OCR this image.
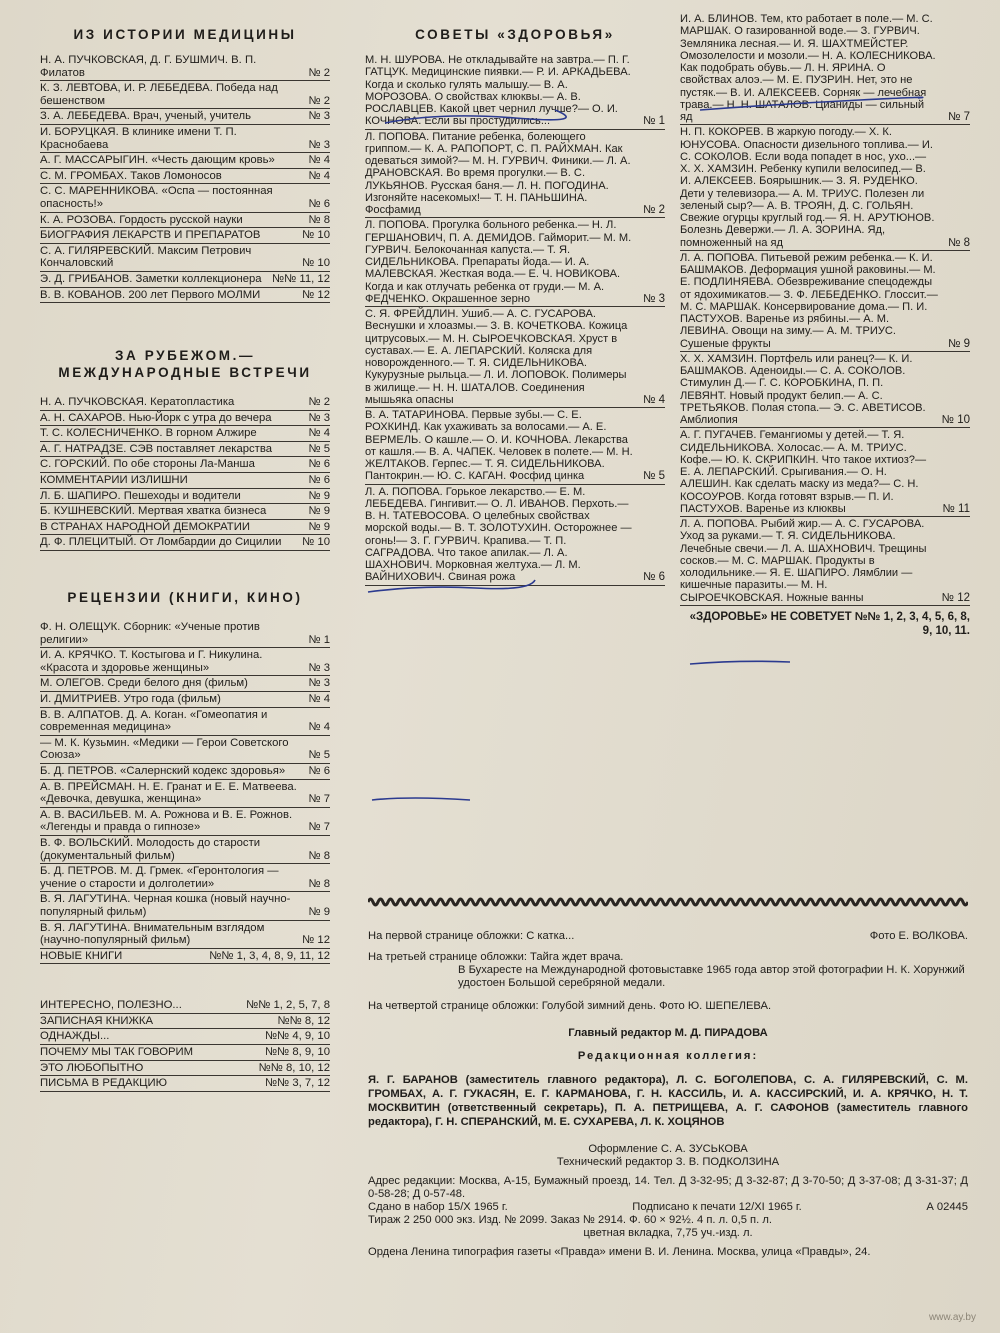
ИЗ ИСТОРИИ МЕДИЦИНЫ
Н. А. ПУЧКОВСКАЯ, Д. Г. БУШМИЧ. В. П. Филатов	№ 2
К. З. ЛЕВТОВА, И. Р. ЛЕБЕДЕВА. Победа над бешенством	№ 2
З. А. ЛЕБЕДЕВА. Врач, ученый, учитель	№ 3
И. БОРУЦКАЯ. В клинике имени Т. П. Краснобаева	№ 3
А. Г. МАССАРЫГИН. «Честь дающим кровь»	№ 4
С. М. ГРОМБАХ. Таков Ломоносов	№ 4
С. С. МАРЕННИКОВА. «Оспа — постоянная опасность!»	№ 6
К. А. РОЗОВА. Гордость русской науки	№ 8
БИОГРАФИЯ ЛЕКАРСТВ И ПРЕПАРАТОВ	№ 10
С. А. ГИЛЯРЕВСКИЙ. Максим Петрович Кончаловский	№ 10
Э. Д. ГРИБАНОВ. Заметки коллекционера №№ 11, 12
В. В. КОВАНОВ. 200 лет Первого МОЛМИ	№ 12
ЗА РУБЕЖОМ.—
МЕЖДУНАРОДНЫЕ ВСТРЕЧИ
Н. А. ПУЧКОВСКАЯ. Кератопластика	№ 2
А. Н. САХАРОВ. Нью-Йорк с утра до вечера	№ 3
Т. С. КОЛЕСНИЧЕНКО. В горном Алжире	№ 4
А. Г. НАТРАДЗЕ. СЭВ поставляет лекарства	№ 5
С. ГОРСКИЙ. По обе стороны Ла-Манша	№ 6
КОММЕНТАРИИ ИЗЛИШНИ	№ 6
Л. Б. ШАПИРО. Пешеходы и водители	№ 9
Б. КУШНЕВСКИЙ. Мертвая хватка бизнеса	№ 9
В СТРАНАХ НАРОДНОЙ ДЕМОКРАТИИ	№ 9
Д. Ф. ПЛЕЦИТЫЙ. От Ломбардии до Сицилии	№ 10
РЕЦЕНЗИИ (КНИГИ, КИНО)
Ф. Н. ОЛЕЩУК. Сборник: «Ученые против религии»	№ 1
И. А. КРЯЧКО. Т. Костыгова и Г. Никулина. «Красота и здоровье женщины»	№ 3
М. ОЛЕГОВ. Среди белого дня (фильм)	№ 3
И. ДМИТРИЕВ. Утро года (фильм)	№ 4
В. В. АЛПАТОВ. Д. А. Коган. «Гомеопатия и современная медицина»	№ 4
— М. К. Кузьмин. «Медики — Герои Советского Союза»	№ 5
Б. Д. ПЕТРОВ. «Салернский кодекс здоровья»	№ 6
А. В. ПРЕЙСМАН. Н. Е. Гранат и Е. Е. Матвеева. «Девочка, девушка, женщина»	№ 7
А. В. ВАСИЛЬЕВ. М. А. Рожнова и В. Е. Рожнов. «Легенды и правда о гипнозе»	№ 7
В. Ф. ВОЛЬСКИЙ. Молодость до старости (документальный фильм)	№ 8
Б. Д. ПЕТРОВ. М. Д. Грмек. «Геронтология — учение о старости и долголетии»	№ 8
В. Я. ЛАГУТИНА. Черная кошка (новый научно-популярный фильм)	№ 9
В. Я. ЛАГУТИНА. Внимательным взглядом (научно-популярный фильм)	№ 12
НОВЫЕ КНИГИ	№№ 1, 3, 4, 8, 9, 11, 12
ИНТЕРЕСНО, ПОЛЕЗНО...	№№ 1, 2, 5, 7, 8
ЗАПИСНАЯ КНИЖКА	№№ 8, 12
ОДНАЖДЫ...	№№ 4, 9, 10
ПОЧЕМУ МЫ ТАК ГОВОРИМ	№№ 8, 9, 10
ЭТО ЛЮБОПЫТНО	№№ 8, 10, 12
ПИСЬМА В РЕДАКЦИЮ	№№ 3, 7, 12
СОВЕТЫ «ЗДОРОВЬЯ»
М. Н. ШУРОВА. Не откладывайте на завтра.— П. Г. ГАТЦУК. Медицинские пиявки.— Р. И. АРКАДЬЕВА. Когда и сколько гулять малышу.— В. А. МОРОЗОВА. О свойствах клюквы.— А. В. РОСЛАВЦЕВ. Какой цвет чернил лучше?— О. И. КОЧНОВА. Если вы простудились...	№ 1
Л. ПОПОВА. Питание ребенка, болеющего гриппом.— К. А. РАПОПОРТ, С. П. РАЙХМАН. Как одеваться зимой?— М. Н. ГУРВИЧ. Финики.— Л. А. ДРАНОВСКАЯ. Во время прогулки.— В. С. ЛУКЬЯНОВ. Русская баня.— Л. Н. ПОГОДИНА. Изгоняйте насекомых!— Т. Н. ПАНЬШИНА. Фосфамид	№ 2
Л. ПОПОВА. Прогулка больного ребенка.— Н. Л. ГЕРШАНОВИЧ, П. А. ДЕМИДОВ. Гайморит.— М. М. ГУРВИЧ. Белокочанная капуста.— Т. Я. СИДЕЛЬНИКОВА. Препараты йода.— И. А. МАЛЕВСКАЯ. Жесткая вода.— Е. Ч. НОВИКОВА. Когда и как отлучать ребенка от груди.— М. А. ФЕДЧЕНКО. Окрашенное зерно	№ 3
С. Я. ФРЕЙДЛИН. Ушиб.— А. С. ГУСАРОВА. Веснушки и хлоазмы.— З. В. КОЧЕТКОВА. Кожица цитрусовых.— М. Н. СЫРОЕЧКОВСКАЯ. Хруст в суставах.— Е. А. ЛЕПАРСКИЙ. Коляска для новорожденного.— Т. Я. СИДЕЛЬНИКОВА. Кукурузные рыльца.— Л. И. ЛОПОВОК. Полимеры в жилище.— Н. Н. ШАТАЛОВ. Соединения мышьяка опасны	№ 4
В. А. ТАТАРИНОВА. Первые зубы.— С. Е. РОХКИНД. Как ухаживать за волосами.— А. Е. ВЕРМЕЛЬ. О кашле.— О. И. КОЧНОВА. Лекарства от кашля.— В. А. ЧАПЕК. Человек в полете.— М. Н. ЖЕЛТАКОВ. Герпес.— Т. Я. СИДЕЛЬНИКОВА. Пантокрин.— Ю. С. КАГАН. Фосфид цинка	№ 5
Л. А. ПОПОВА. Горькое лекарство.— Е. М. ЛЕБЕДЕВА. Гингивит.— О. Л. ИВАНОВ. Перхоть.— В. Н. ТАТЕВОСОВА. О целебных свойствах морской воды.— В. Т. ЗОЛОТУХИН. Осторожнее — огонь!— З. Г. ГУРВИЧ. Крапива.— Т. П. САГРАДОВА. Что такое апилак.— Л. А. ШАХНОВИЧ. Морковная желтуха.— Л. М. ВАЙНИХОВИЧ. Свиная рожа	№ 6
И. А. БЛИНОВ. Тем, кто работает в поле.— М. С. МАРШАК. О газированной воде.— З. ГУРВИЧ. Земляника лесная.— И. Я. ШАХТМЕЙСТЕР. Омозолелости и мозоли.— Н. А. КОЛЕСНИКОВА. Как подобрать обувь.— Л. Н. ЯРИНА. О свойствах алоэ.— М. Е. ПУЗРИН. Нет, это не пустяк.— В. И. АЛЕКСЕЕВ. Сорняк — лечебная трава.— Н. Н. ШАТАЛОВ. Цианиды — сильный яд	№ 7
Н. П. КОКОРЕВ. В жаркую погоду.— Х. К. ЮНУСОВА. Опасности дизельного топлива.— И. С. СОКОЛОВ. Если вода попадет в нос, ухо...— Х. Х. ХАМЗИН. Ребенку купили велосипед.— В. И. АЛЕКСЕЕВ. Боярышник.— З. Я. РУДЕНКО. Дети у телевизора.— А. М. ТРИУС. Полезен ли зеленый сыр?— А. В. ТРОЯН, Д. С. ГОЛЬЯН. Свежие огурцы круглый год.— Я. Н. АРУТЮНОВ. Болезнь Девержи.— Л. А. ЗОРИНА. Яд, помноженный на яд	№ 8
Л. А. ПОПОВА. Питьевой режим ребенка.— К. И. БАШМАКОВ. Деформация ушной раковины.— М. Е. ПОДЛИНЯЕВА. Обезвреживание спецодежды от ядохимикатов.— З. Ф. ЛЕБЕДЕНКО. Глоссит.— М. С. МАРШАК. Консервирование дома.— П. И. ПАСТУХОВ. Варенье из рябины.— А. М. ЛЕВИНА. Овощи на зиму.— А. М. ТРИУС. Сушеные фрукты	№ 9
Х. Х. ХАМЗИН. Портфель или ранец?— К. И. БАШМАКОВ. Аденоиды.— С. А. СОКОЛОВ. Стимулин Д.— Г. С. КОРОБКИНА, П. П. ЛЕВЯНТ. Новый продукт белип.— А. С. ТРЕТЬЯКОВ. Полая стопа.— Э. С. АВЕТИСОВ. Амблиопия	№ 10
А. Г. ПУГАЧЕВ. Гемангиомы у детей.— Т. Я. СИДЕЛЬНИКОВА. Холосас.— А. М. ТРИУС. Кофе.— Ю. К. СКРИПКИН. Что такое ихтиоз?— Е. А. ЛЕПАРСКИЙ. Срыгивания.— О. Н. АЛЕШИН. Как сделать маску из меда?— С. Н. КОСОУРОВ. Когда готовят взрыв.— П. И. ПАСТУХОВ. Варенье из клюквы	№ 11
Л. А. ПОПОВА. Рыбий жир.— А. С. ГУСАРОВА. Уход за руками.— Т. Я. СИДЕЛЬНИКОВА. Лечебные свечи.— Л. А. ШАХНОВИЧ. Трещины сосков.— М. С. МАРШАК. Продукты в холодильнике.— Я. Е. ШАПИРО. Лямблии — кишечные паразиты.— М. Н. СЫРОЕЧКОВСКАЯ. Ножные ванны	№ 12
«ЗДОРОВЬЕ» НЕ СОВЕТУЕТ №№ 1, 2, 3, 4, 5, 6, 8, 9, 10, 11.
На первой странице обложки: С катка...	Фото Е. ВОЛКОВА.
На третьей странице обложки: Тайга ждет врача.
В Бухаресте на Международной фотовыставке 1965 года автор этой фотографии Н. К. Хорунжий удостоен Большой серебряной медали.
На четвертой странице обложки: Голубой зимний день. Фото Ю. ШЕПЕЛЕВА.
Главный редактор М. Д. ПИРАДОВА
Редакционная коллегия:
Я. Г. БАРАНОВ (заместитель главного редактора), Л. С. БОГОЛЕПОВА, С. А. ГИЛЯРЕВСКИЙ, С. М. ГРОМБАХ, А. Г. ГУКАСЯН, Е. Г. КАРМАНОВА, Г. Н. КАССИЛЬ, И. А. КАССИРСКИЙ, И. А. КРЯЧКО, Н. Т. МОСКВИТИН (ответственный секретарь), П. А. ПЕТРИЩЕВА, А. Г. САФОНОВ (заместитель главного редактора), Г. Н. СПЕРАНСКИЙ, М. Е. СУХАРЕВА, Л. К. ХОЦЯНОВ
Оформление С. А. ЗУСЬКОВА
Технический редактор З. В. ПОДКОЛЗИНА
Адрес редакции: Москва, А-15, Бумажный проезд, 14. Тел. Д 3-32-95; Д 3-32-87; Д 3-70-50; Д 3-37-08; Д 3-31-37; Д 0-58-28; Д 0-57-48.
Сдано в набор 15/Х 1965 г.	Подписано к печати 12/XI 1965 г.	А 02445
Тираж 2 250 000 экз. Изд. № 2099. Заказ № 2914. Ф. 60 × 92½. 4 п. л. 0,5 п. л.
цветная вкладка, 7,75 уч.-изд. л.
Ордена Ленина типография газеты «Правда» имени В. И. Ленина. Москва, улица «Правды», 24.
www.ay.by
